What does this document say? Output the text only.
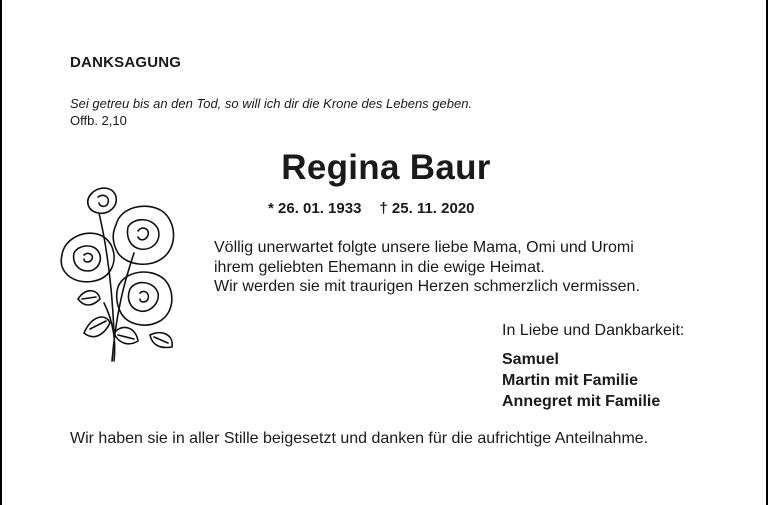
DANKSAGUNG
Sei getreu bis an den Tod, so will ich dir die Krone des Lebens geben.
Offb. 2,10
Regina Baur
* 26. 01. 1933 † 25. 11. 2020
Völlig unerwartet folgte unsere liebe Mama, Omi und Uromi
ihrem geliebten Ehemann in die ewige Heimat.
Wir werden sie mit traurigen Herzen schmerzlich vermissen.
In Liebe und Dankbarkeit:
Samuel
Martin mit Familie
Annegret mit Familie
Wir haben sie in aller Stille beigesetzt und danken für die aufrichtige Anteilnahme.
